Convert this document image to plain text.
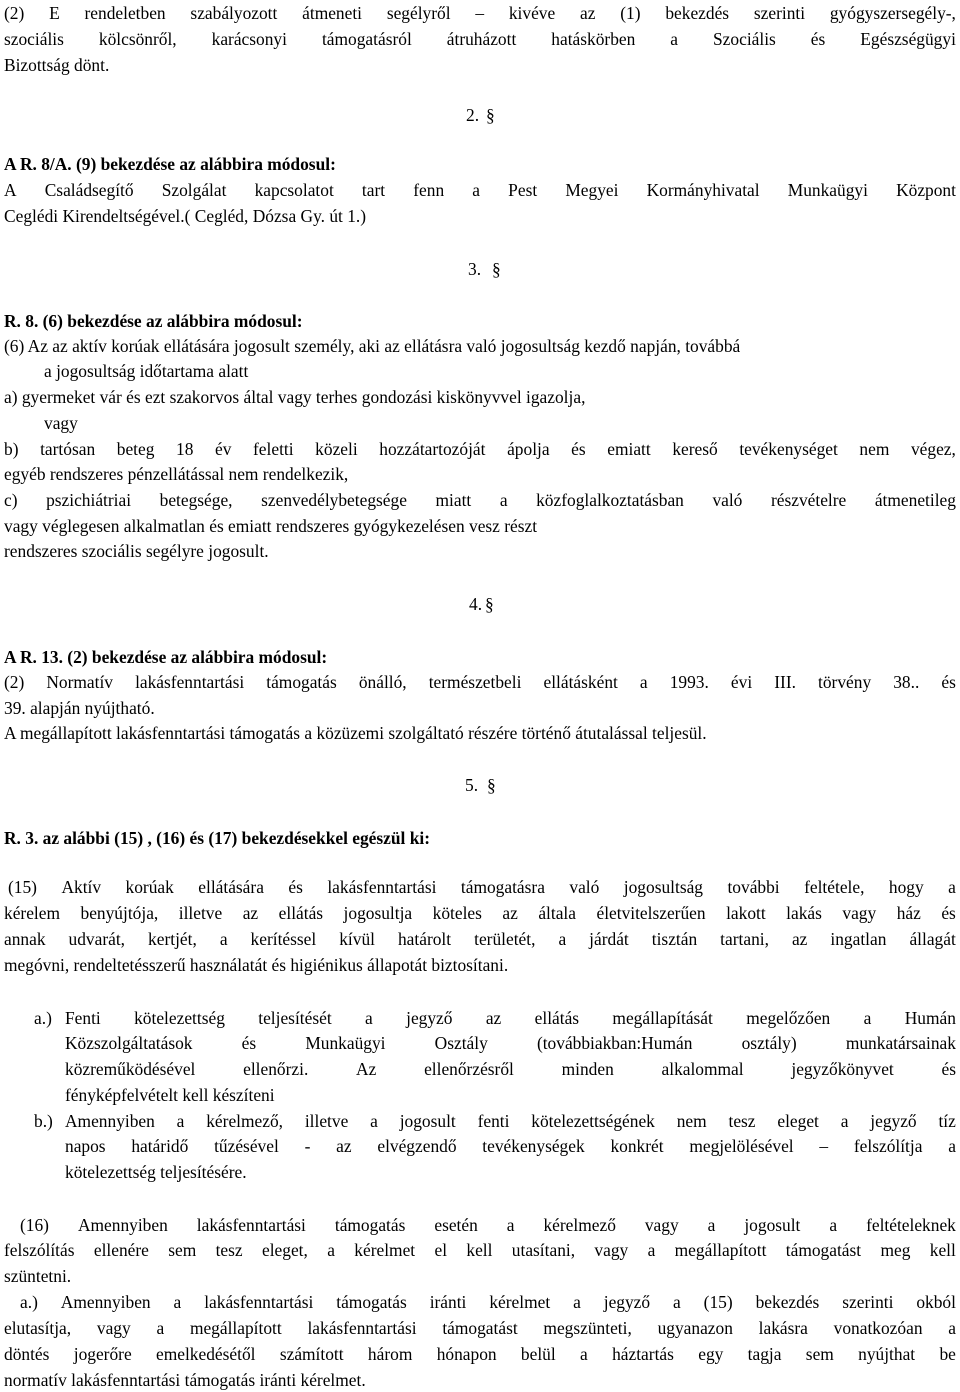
(2) E rendeletben szabályozott átmeneti segélyről – kivéve az (1) bekezdés szerinti gyógyszersegély-,
szociális kölcsönről, karácsonyi támogatásról átruházott hatáskörben a Szociális és Egészségügyi
Bizottság dönt.
2. §
A R. 8/A. (9) bekezdése az alábbira módosul:
A Családsegítő Szolgálat kapcsolatot tart fenn a Pest Megyei Kormányhivatal Munkaügyi Központ
Ceglédi Kirendeltségével.( Cegléd, Dózsa Gy. út 1.)
3. §
R. 8. (6) bekezdése az alábbira módosul:
(6) Az az aktív korúak ellátására jogosult személy, aki az ellátásra való jogosultság kezdő napján, továbbá
a jogosultság időtartama alatt
a) gyermeket vár és ezt szakorvos által vagy terhes gondozási kiskönyvvel igazolja,
vagy
b) tartósan beteg 18 év feletti közeli hozzátartozóját ápolja és emiatt kereső tevékenységet nem végez,
egyéb rendszeres pénzellátással nem rendelkezik,
c) pszichiátriai betegsége, szenvedélybetegsége miatt a közfoglalkoztatásban való részvételre átmenetileg
vagy véglegesen alkalmatlan és emiatt rendszeres gyógykezelésen vesz részt
rendszeres szociális segélyre jogosult.
4. §
A R. 13. (2) bekezdése az alábbira módosul:
(2) Normatív lakásfenntartási támogatás önálló, természetbeli ellátásként a 1993. évi III. törvény 38.. és
39. alapján nyújtható.
A megállapított lakásfenntartási támogatás a közüzemi szolgáltató részére történő átutalással teljesül.
5. §
R. 3. az alábbi (15) , (16) és (17) bekezdésekkel egészül ki:
(15) Aktív korúak ellátására és lakásfenntartási támogatásra való jogosultság további feltétele, hogy a
kérelem benyújtója, illetve az ellátás jogosultja köteles az általa életvitelszerűen lakott lakás vagy ház és
annak udvarát, kertjét, a kerítéssel kívül határolt területét, a járdát tisztán tartani, az ingatlan állagát
megóvni, rendeltetésszerű használatát és higiénikus állapotát biztosítani.
a.) Fenti kötelezettség teljesítését a jegyző az ellátás megállapítását megelőzően a Humán
Közszolgáltatások	és	Munkaügyi	Osztály	(továbbiakban:Humán	osztály)	munkatársainak
közreműködésével	ellenőrzi.	Az	ellenőrzésről	minden	alkalommal	jegyzőkönyvet	és
fényképfelvételt kell készíteni
b.) Amennyiben a kérelmező, illetve a jogosult fenti kötelezettségének nem tesz eleget a jegyző tíz
napos határidő tűzésével - az elvégzendő tevékenységek konkrét megjelölésével – felszólítja a
kötelezettség teljesítésére.
(16) Amennyiben lakásfenntartási támogatás esetén a kérelmező vagy a jogosult a feltételeknek
felszólítás ellenére sem tesz eleget, a kérelmet el kell utasítani, vagy a megállapított támogatást meg kell
szüntetni.
a.) Amennyiben a lakásfenntartási támogatás iránti kérelmet a jegyző a (15) bekezdés szerinti okból
elutasítja, vagy a megállapított lakásfenntartási támogatást megszünteti, ugyanazon lakásra vonatkozóan a
döntés jogerőre emelkedésétől számított három hónapon belül a háztartás egy tagja sem nyújthat be
normatív lakásfenntartási támogatás iránti kérelmet.
